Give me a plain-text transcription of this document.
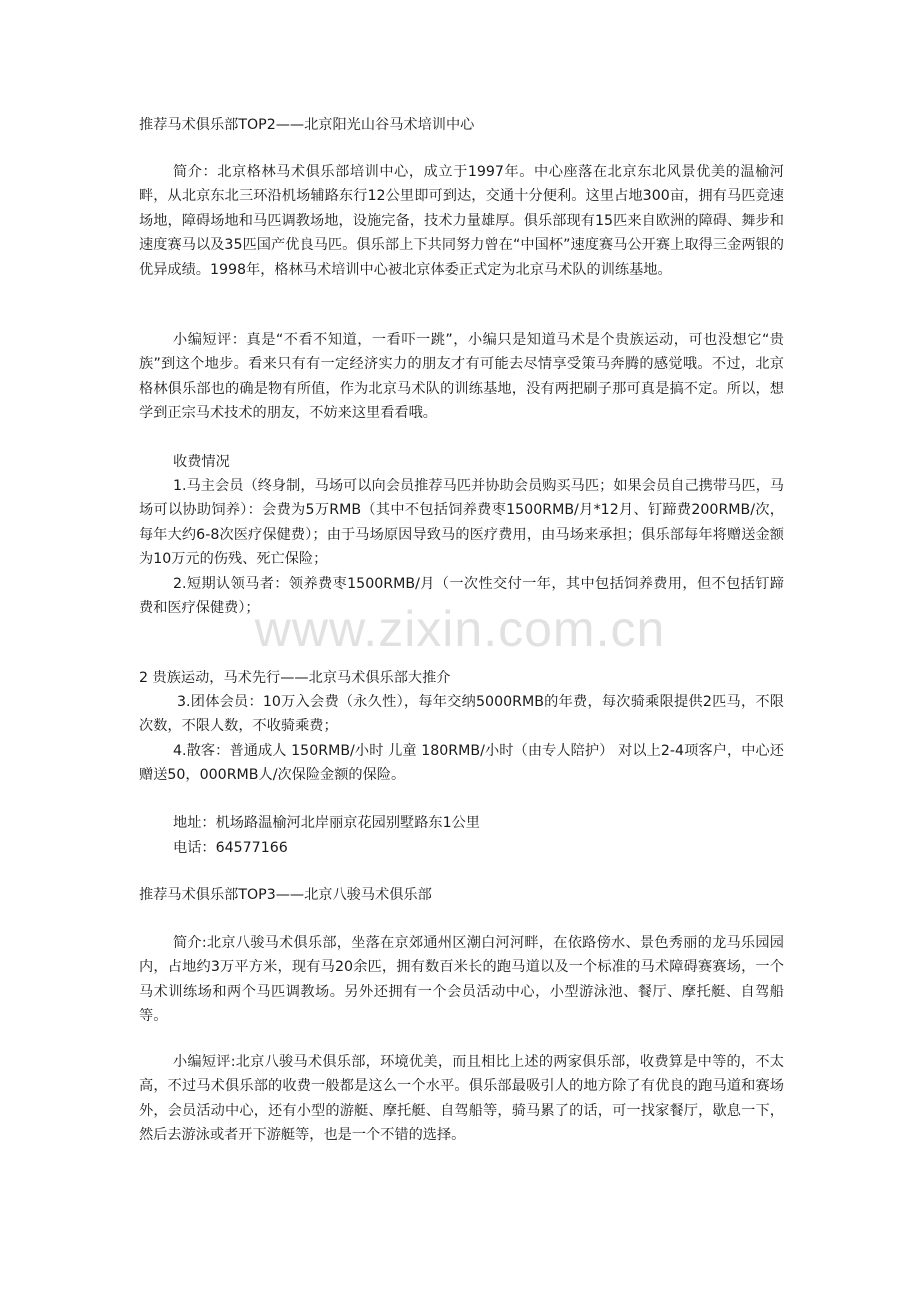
推荐马术俱乐部TOP2——北京阳光山谷马术培训中心

简介：北京格林马术俱乐部培训中心，成立于1997年。中心座落在北京东北风景优美的温榆河畔，从北京东北三环沿机场辅路东行12公里即可到达，交通十分便利。这里占地300亩，拥有马匹竞速场地，障碍场地和马匹调教场地，设施完备，技术力量雄厚。俱乐部现有15匹来自欧洲的障碍、舞步和速度赛马以及35匹国产优良马匹。俱乐部上下共同努力曾在“中国杯”速度赛马公开赛上取得三金两银的优异成绩。1998年，格林马术培训中心被北京体委正式定为北京马术队的训练基地。

小编短评：真是“不看不知道，一看吓一跳”，小编只是知道马术是个贵族运动，可也没想它“贵族”到这个地步。看来只有有一定经济实力的朋友才有可能去尽情享受策马奔腾的感觉哦。不过，北京格林俱乐部也的确是物有所值，作为北京马术队的训练基地，没有两把刷子那可真是搞不定。所以，想学到正宗马术技术的朋友，不妨来这里看看哦。

收费情况

1.马主会员（终身制，马场可以向会员推荐马匹并协助会员购买马匹；如果会员自己携带马匹，马场可以协助饲养）：会费为5万RMB（其中不包括饲养费枣1500RMB/月*12月、钉蹄费200RMB/次，每年大约6-8次医疗保健费）；由于马场原因导致马的医疗费用，由马场来承担；俱乐部每年将赠送金额为10万元的伤残、死亡保险；

2.短期认领马者：领养费枣1500RMB/月（一次性交付一年，其中包括饲养费用，但不包括钉蹄费和医疗保健费）；

www.zixin.com.cn

2 贵族运动，马术先行——北京马术俱乐部大推介

3.团体会员：10万入会费（永久性），每年交纳5000RMB的年费，每次骑乘限提供2匹马，不限次数，不限人数，不收骑乘费；

4.散客：普通成人 150RMB/小时 儿童 180RMB/小时（由专人陪护） 对以上2-4项客户，中心还赠送50，000RMB人/次保险金额的保险。

地址：机场路温榆河北岸丽京花园别墅路东1公里

电话：64577166

推荐马术俱乐部TOP3——北京八骏马术俱乐部

简介:北京八骏马术俱乐部，坐落在京郊通州区潮白河河畔，在依路傍水、景色秀丽的龙马乐园园内，占地约3万平方米，现有马20余匹，拥有数百米长的跑马道以及一个标准的马术障碍赛赛场，一个马术训练场和两个马匹调教场。另外还拥有一个会员活动中心，小型游泳池、餐厅、摩托艇、自驾船等。

小编短评:北京八骏马术俱乐部，环境优美，而且相比上述的两家俱乐部，收费算是中等的，不太高，不过马术俱乐部的收费一般都是这么一个水平。俱乐部最吸引人的地方除了有优良的跑马道和赛场外，会员活动中心，还有小型的游艇、摩托艇、自驾船等，骑马累了的话，可一找家餐厅，歇息一下，然后去游泳或者开下游艇等，也是一个不错的选择。
